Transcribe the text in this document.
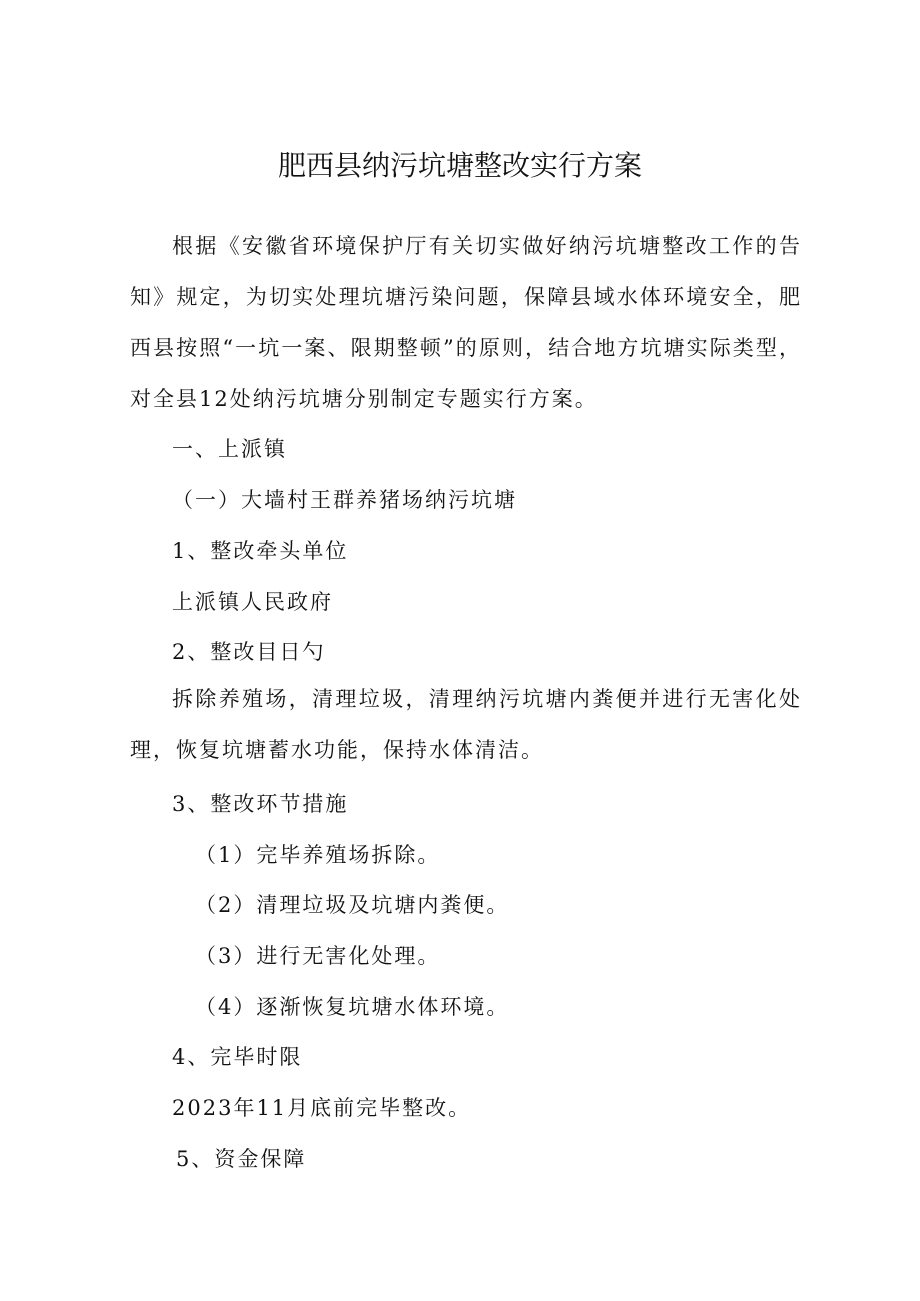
肥西县纳污坑塘整改实行方案
根据《安徽省环境保护厅有关切实做好纳污坑塘整改工作的告知》规定，为切实处理坑塘污染问题，保障县域水体环境安全，肥西县按照“一坑一案、限期整顿”的原则，结合地方坑塘实际类型，对全县12处纳污坑塘分别制定专题实行方案。
一、上派镇
（一）大墙村王群养猪场纳污坑塘
1、整改牵头单位
上派镇人民政府
2、整改目日勺
拆除养殖场，清理垃圾，清理纳污坑塘内粪便并进行无害化处理，恢复坑塘蓄水功能，保持水体清洁。
3、整改环节措施
（1）完毕养殖场拆除。
（2）清理垃圾及坑塘内粪便。
（3）进行无害化处理。
（4）逐渐恢复坑塘水体环境。
4、完毕时限
2023年11月底前完毕整改。
5、资金保障
